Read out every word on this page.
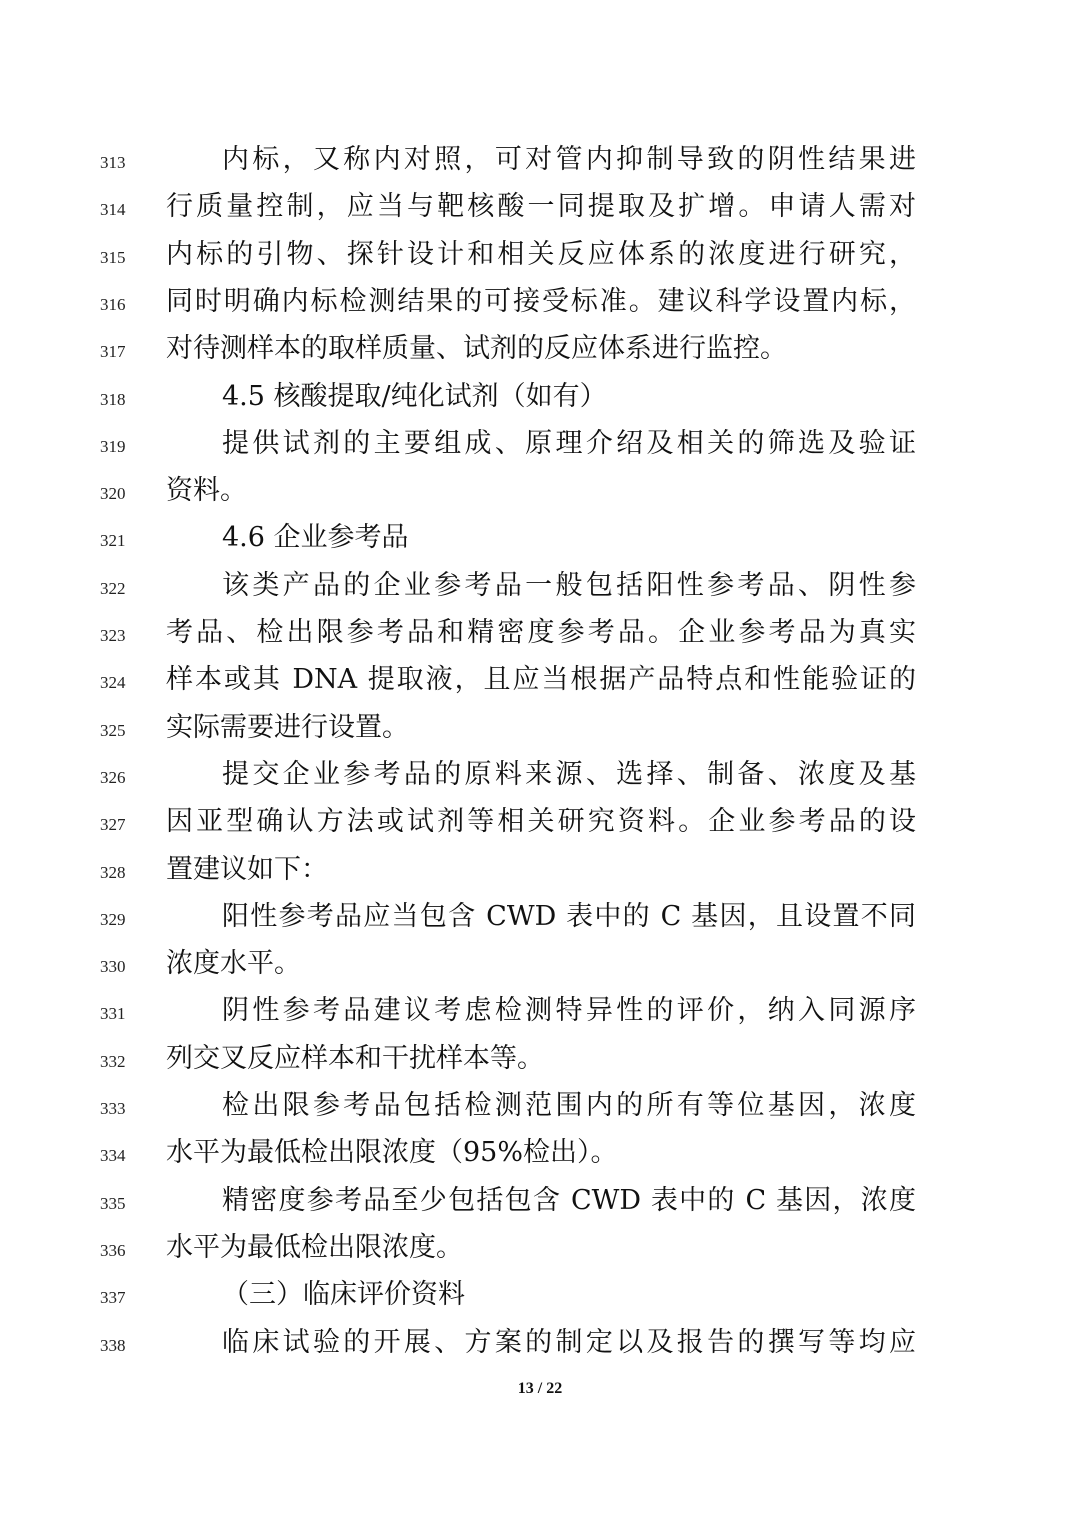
313	内标，又称内对照，可对管内抑制导致的阴性结果进
314	行质量控制，应当与靶核酸一同提取及扩增。申请人需对
315	内标的引物、探针设计和相关反应体系的浓度进行研究，
316	同时明确内标检测结果的可接受标准。建议科学设置内标，
317	对待测样本的取样质量、试剂的反应体系进行监控。
318	4.5 核酸提取/纯化试剂（如有）
319	提供试剂的主要组成、原理介绍及相关的筛选及验证
320	资料。
321	4.6 企业参考品
322	该类产品的企业参考品一般包括阳性参考品、阴性参
323	考品、检出限参考品和精密度参考品。企业参考品为真实
324	样本或其 DNA 提取液，且应当根据产品特点和性能验证的
325	实际需要进行设置。
326	提交企业参考品的原料来源、选择、制备、浓度及基
327	因亚型确认方法或试剂等相关研究资料。企业参考品的设
328	置建议如下：
329	阳性参考品应当包含 CWD 表中的 C 基因，且设置不同
330	浓度水平。
331	阴性参考品建议考虑检测特异性的评价，纳入同源序
332	列交叉反应样本和干扰样本等。
333	检出限参考品包括检测范围内的所有等位基因，浓度
334	水平为最低检出限浓度（95%检出）。
335	精密度参考品至少包括包含 CWD 表中的 C 基因，浓度
336	水平为最低检出限浓度。
337	（三）临床评价资料
338	临床试验的开展、方案的制定以及报告的撰写等均应
13 / 22
